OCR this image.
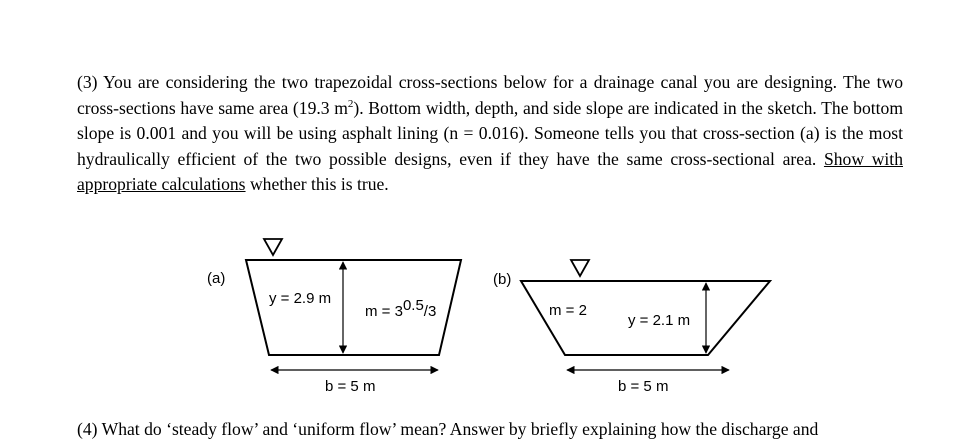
(3) You are considering the two trapezoidal cross-sections below for a drainage canal you are designing. The two cross-sections have same area (19.3 $m^2$). Bottom width, depth, and side slope are indicated in the sketch. The bottom slope is 0.001 and you will be using asphalt lining (n = 0.016). Someone tells you that cross-section (a) is the most hydraulically efficient of the two possible designs, even if they have the same cross-sectional area. Show with appropriate calculations whether this is true.
(a)
y = 2.9 m
m = 30.5/3
b = 5 m
(b)
m = 2
y = 2.1 m
b = 5 m
(4) What do ‘steady flow’ and ‘uniform flow’ mean? Answer by briefly explaining how the discharge and
